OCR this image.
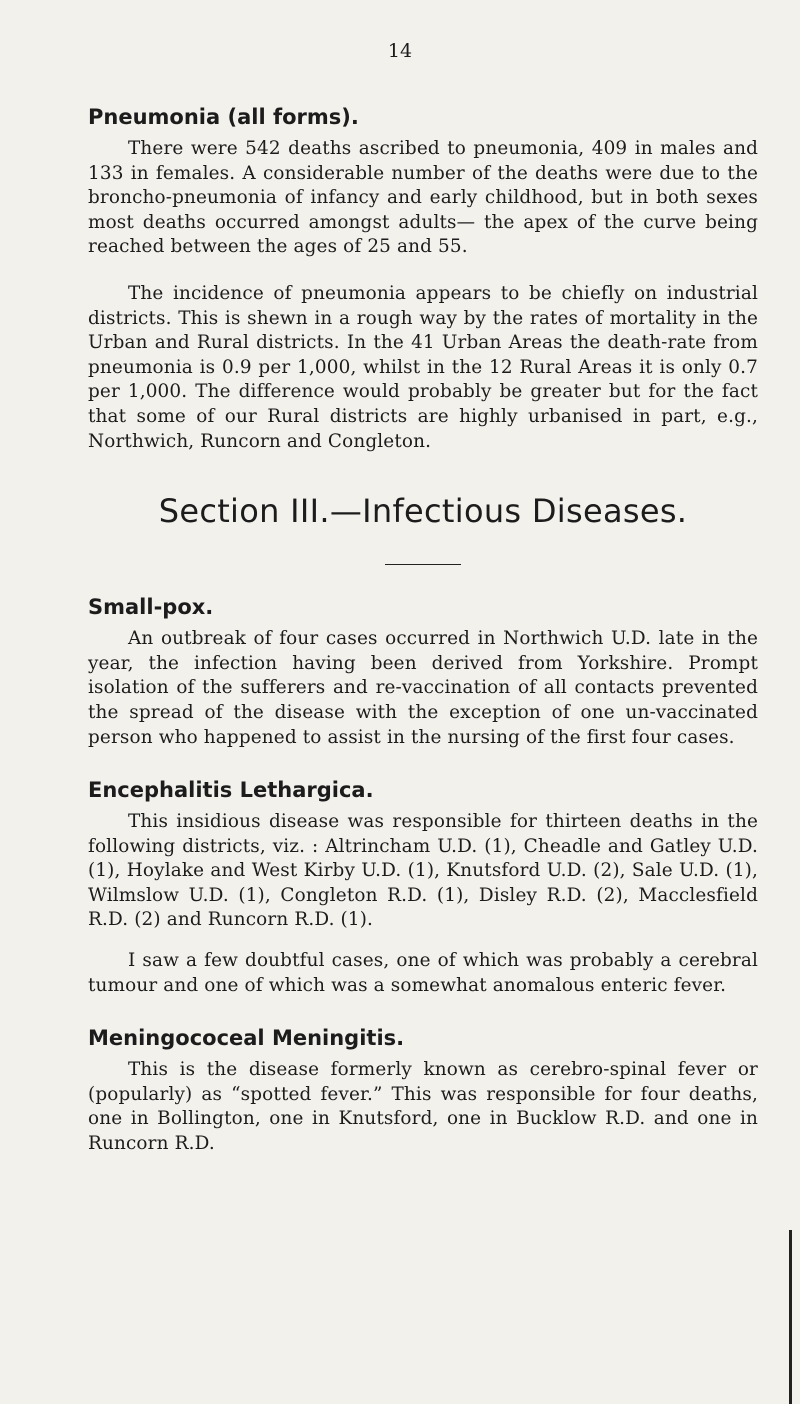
14
Pneumonia (all forms).

There were 542 deaths ascribed to pneumonia, 409 in males and 133 in females. A considerable number of the deaths were due to the broncho-pneumonia of infancy and early childhood, but in both sexes most deaths occurred amongst adults— the apex of the curve being reached between the ages of 25 and 55.

The incidence of pneumonia appears to be chiefly on industrial districts. This is shewn in a rough way by the rates of mortality in the Urban and Rural districts. In the 41 Urban Areas the death-rate from pneumonia is 0.9 per 1,000, whilst in the 12 Rural Areas it is only 0.7 per 1,000. The difference would probably be greater but for the fact that some of our Rural districts are highly urbanised in part, e.g., Northwich, Runcorn and Congleton.

Section III.—Infectious Diseases.
Small-pox.

An outbreak of four cases occurred in Northwich U.D. late in the year, the infection having been derived from Yorkshire. Prompt isolation of the sufferers and re-vaccination of all contacts prevented the spread of the disease with the exception of one un-vaccinated person who happened to assist in the nursing of the first four cases.

Encephalitis Lethargica.

This insidious disease was responsible for thirteen deaths in the following districts, viz. : Altrincham U.D. (1), Cheadle and Gatley U.D. (1), Hoylake and West Kirby U.D. (1), Knutsford U.D. (2), Sale U.D. (1), Wilmslow U.D. (1), Congleton R.D. (1), Disley R.D. (2), Macclesfield R.D. (2) and Runcorn R.D. (1).

I saw a few doubtful cases, one of which was probably a cerebral tumour and one of which was a somewhat anomalous enteric fever.

Meningococeal Meningitis.

This is the disease formerly known as cerebro-spinal fever or (popularly) as “spotted fever.” This was responsible for four deaths, one in Bollington, one in Knutsford, one in Bucklow R.D. and one in Runcorn R.D.
